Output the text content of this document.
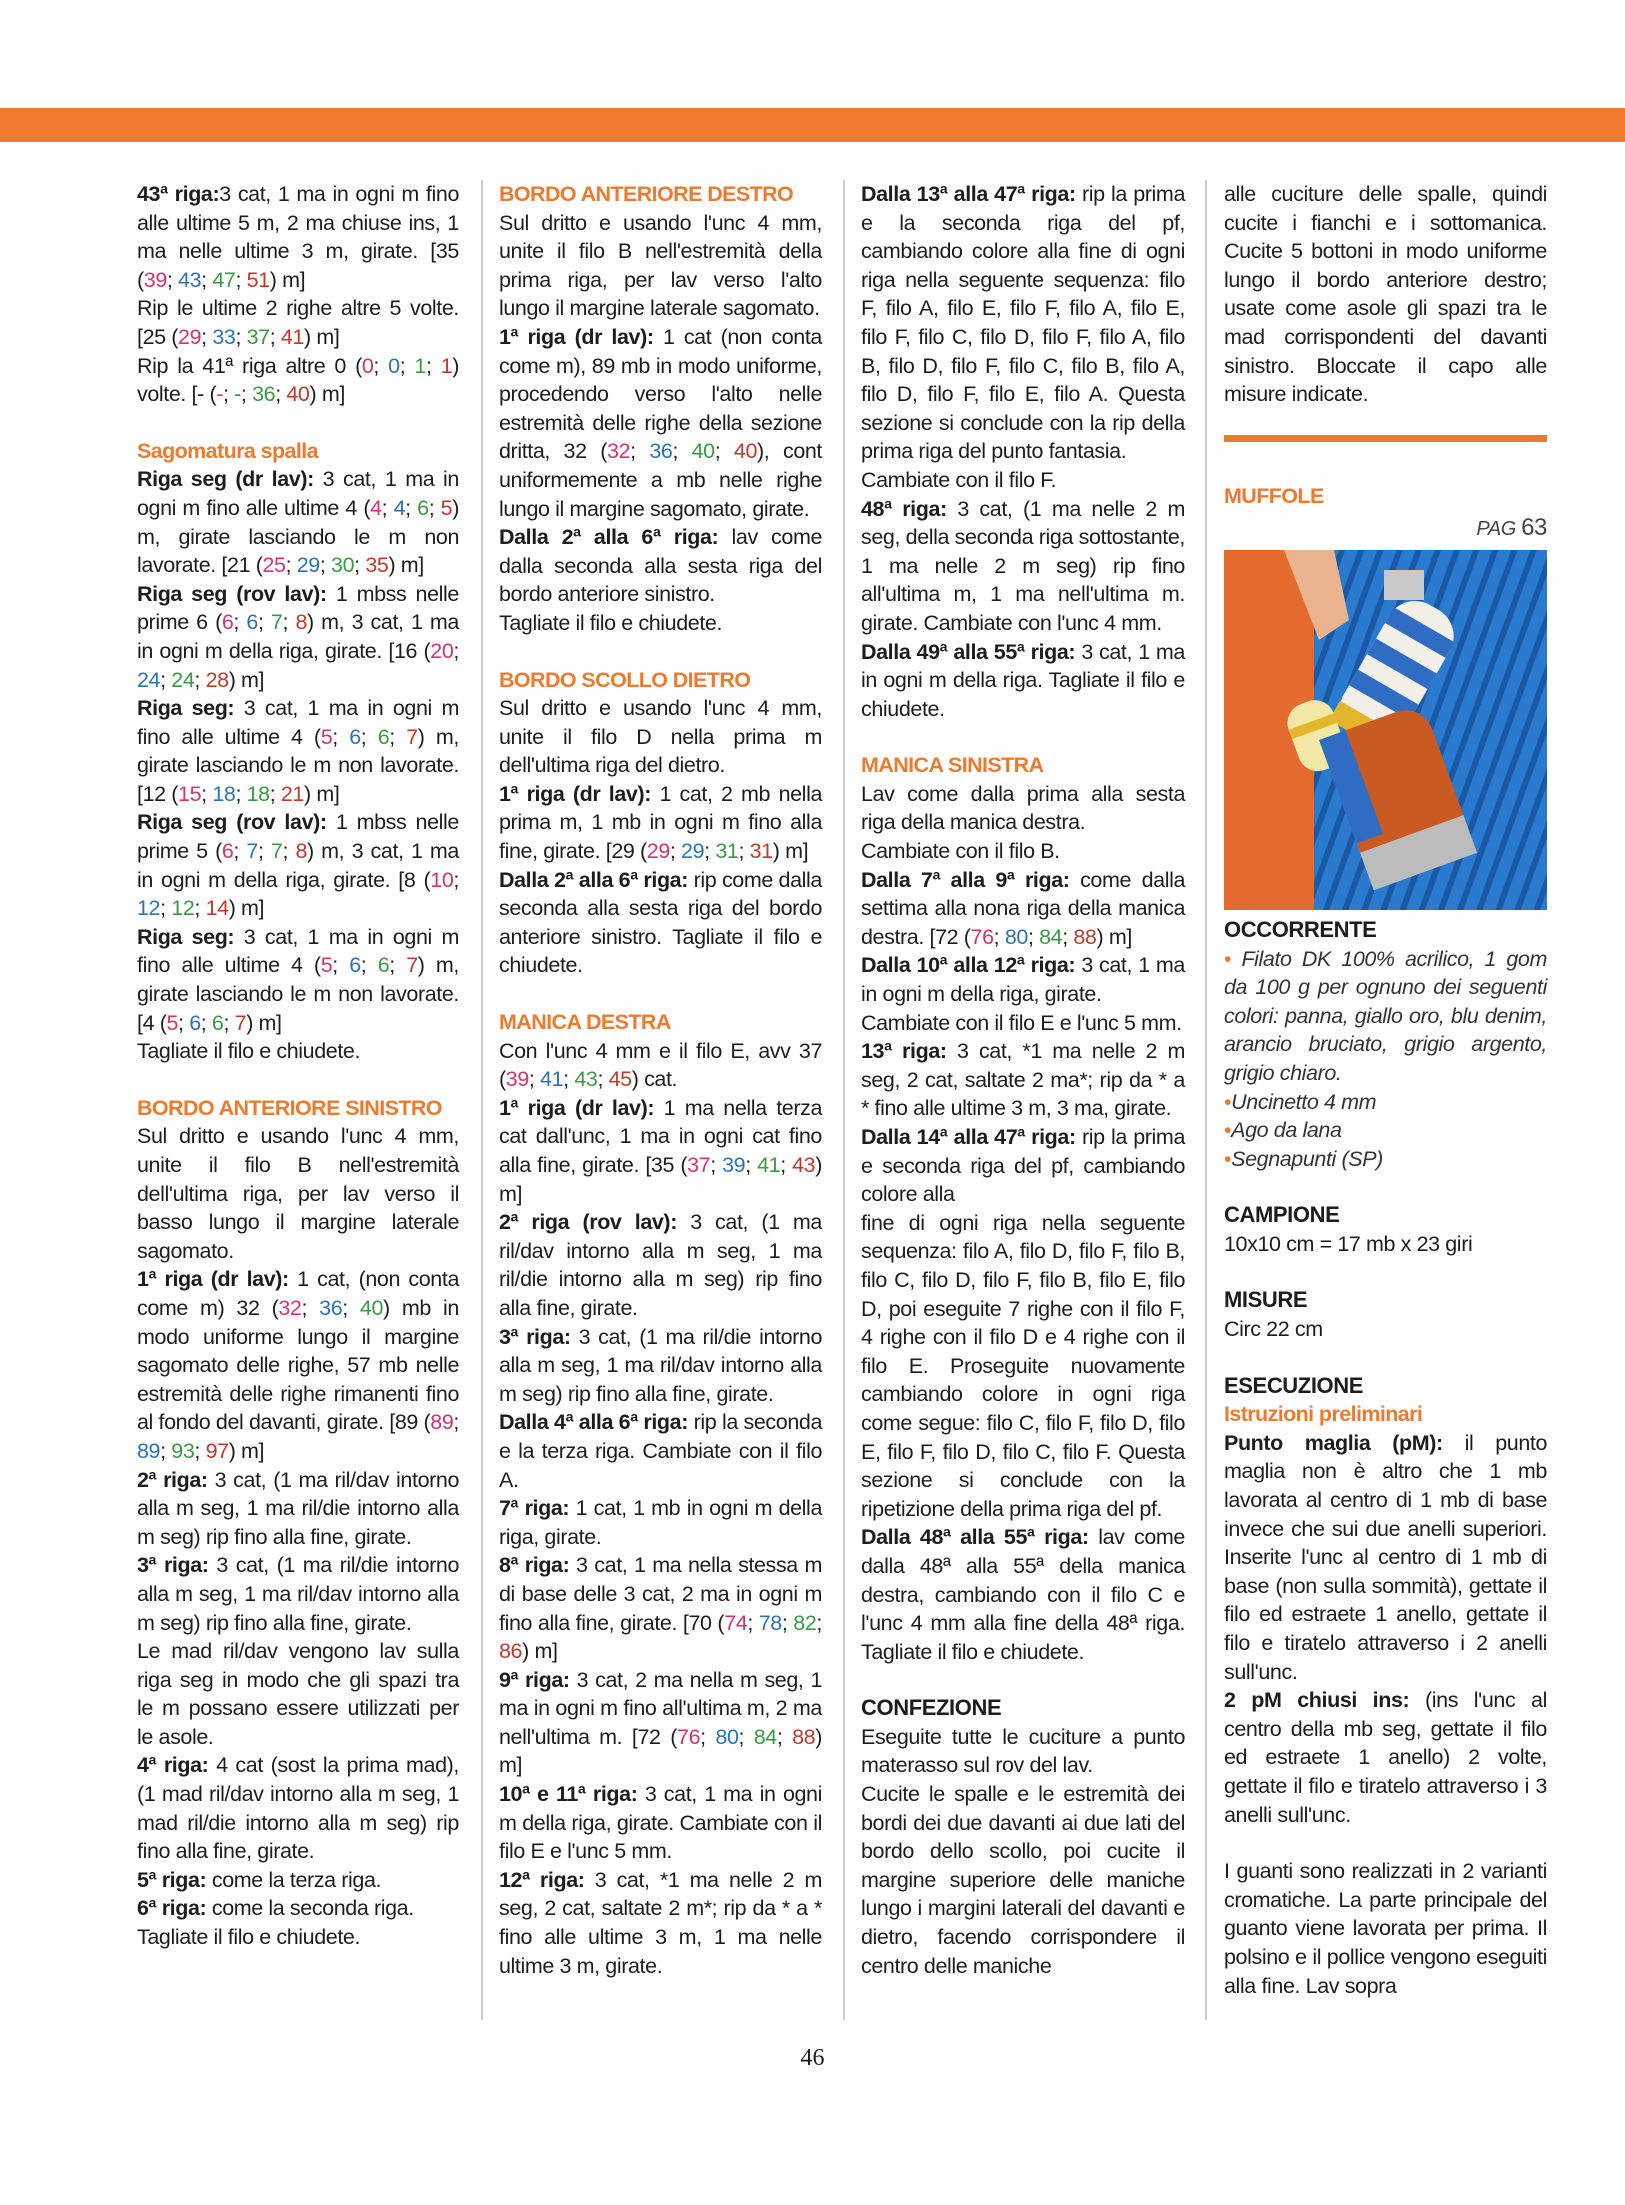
43ª riga:3 cat, 1 ma in ogni m fino alle ultime 5 m, 2 ma chiuse ins, 1 ma nelle ultime 3 m, girate. [35 (39; 43; 47; 51) m]

Rip le ultime 2 righe altre 5 volte. [25 (29; 33; 37; 41) m]

Rip la 41ª riga altre 0 (0; 0; 1; 1) volte. [- (-; -; 36; 40) m]

Sagomatura spalla

Riga seg (dr lav): 3 cat, 1 ma in ogni m fino alle ultime 4 (4; 4; 6; 5) m, girate lasciando le m non lavorate. [21 (25; 29; 30; 35) m]

Riga seg (rov lav): 1 mbss nelle prime 6 (6; 6; 7; 8) m, 3 cat, 1 ma in ogni m della riga, girate. [16 (20; 24; 24; 28) m]

Riga seg: 3 cat, 1 ma in ogni m fino alle ultime 4 (5; 6; 6; 7) m, girate lasciando le m non lavorate. [12 (15; 18; 18; 21) m]

Riga seg (rov lav): 1 mbss nelle prime 5 (6; 7; 7; 8) m, 3 cat, 1 ma in ogni m della riga, girate. [8 (10; 12; 12; 14) m]

Riga seg: 3 cat, 1 ma in ogni m fino alle ultime 4 (5; 6; 6; 7) m, girate lasciando le m non lavorate. [4 (5; 6; 6; 7) m]

Tagliate il filo e chiudete.

BORDO ANTERIORE SINISTRO

Sul dritto e usando l'unc 4 mm, unite il filo B nell'estremità dell'ultima riga, per lav verso il basso lungo il margine laterale sagomato.

1ª riga (dr lav): 1 cat, (non conta come m) 32 (32; 36; 40) mb in modo uniforme lungo il margine sagomato delle righe, 57 mb nelle estremità delle righe rimanenti fino al fondo del davanti, girate. [89 (89; 89; 93; 97) m]

2ª riga: 3 cat, (1 ma ril/dav intorno alla m seg, 1 ma ril/die intorno alla m seg) rip fino alla fine, girate.

3ª riga: 3 cat, (1 ma ril/die intorno alla m seg, 1 ma ril/dav intorno alla m seg) rip fino alla fine, girate.

Le mad ril/dav vengono lav sulla riga seg in modo che gli spazi tra le m possano essere utilizzati per le asole.

4ª riga: 4 cat (sost la prima mad), (1 mad ril/dav intorno alla m seg, 1 mad ril/die intorno alla m seg) rip fino alla fine, girate.

5ª riga: come la terza riga.

6ª riga: come la seconda riga.

Tagliate il filo e chiudete.

BORDO ANTERIORE DESTRO

Sul dritto e usando l'unc 4 mm, unite il filo B nell'estremità della prima riga, per lav verso l'alto lungo il margine laterale sagomato.

1ª riga (dr lav): 1 cat (non conta come m), 89 mb in modo uniforme, procedendo verso l'alto nelle estremità delle righe della sezione dritta, 32 (32; 36; 40; 40), cont uniformemente a mb nelle righe lungo il margine sagomato, girate.

Dalla 2ª alla 6ª riga: lav come dalla seconda alla sesta riga del bordo anteriore sinistro.

Tagliate il filo e chiudete.

BORDO SCOLLO DIETRO

Sul dritto e usando l'unc 4 mm, unite il filo D nella prima m dell'ultima riga del dietro.

1ª riga (dr lav): 1 cat, 2 mb nella prima m, 1 mb in ogni m fino alla fine, girate. [29 (29; 29; 31; 31) m]

Dalla 2ª alla 6ª riga: rip come dalla seconda alla sesta riga del bordo anteriore sinistro. Tagliate il filo e chiudete.

MANICA DESTRA

Con l'unc 4 mm e il filo E, avv 37 (39; 41; 43; 45) cat.

1ª riga (dr lav): 1 ma nella terza cat dall'unc, 1 ma in ogni cat fino alla fine, girate. [35 (37; 39; 41; 43) m]

2ª riga (rov lav): 3 cat, (1 ma ril/dav intorno alla m seg, 1 ma ril/die intorno alla m seg) rip fino alla fine, girate.

3ª riga: 3 cat, (1 ma ril/die intorno alla m seg, 1 ma ril/dav intorno alla m seg) rip fino alla fine, girate.

Dalla 4ª alla 6ª riga: rip la seconda e la terza riga. Cambiate con il filo A.

7ª riga: 1 cat, 1 mb in ogni m della riga, girate.

8ª riga: 3 cat, 1 ma nella stessa m di base delle 3 cat, 2 ma in ogni m fino alla fine, girate. [70 (74; 78; 82; 86) m]

9ª riga: 3 cat, 2 ma nella m seg, 1 ma in ogni m fino all'ultima m, 2 ma nell'ultima m. [72 (76; 80; 84; 88) m]

10ª e 11ª riga: 3 cat, 1 ma in ogni m della riga, girate. Cambiate con il filo E e l'unc 5 mm.

12ª riga: 3 cat, *1 ma nelle 2 m seg, 2 cat, saltate 2 m*; rip da * a * fino alle ultime 3 m, 1 ma nelle ultime 3 m, girate.

Dalla 13ª alla 47ª riga: rip la prima e la seconda riga del pf, cambiando colore alla fine di ogni riga nella seguente sequenza: filo F, filo A, filo E, filo F, filo A, filo E, filo F, filo C, filo D, filo F, filo A, filo B, filo D, filo F, filo C, filo B, filo A, filo D, filo F, filo E, filo A. Questa sezione si conclude con la rip della prima riga del punto fantasia.

Cambiate con il filo F.

48ª riga: 3 cat, (1 ma nelle 2 m seg, della seconda riga sottostante, 1 ma nelle 2 m seg) rip fino all'ultima m, 1 ma nell'ultima m. girate. Cambiate con l'unc 4 mm.

Dalla 49ª alla 55ª riga: 3 cat, 1 ma in ogni m della riga. Tagliate il filo e chiudete.

MANICA SINISTRA

Lav come dalla prima alla sesta riga della manica destra.

Cambiate con il filo B.

Dalla 7ª alla 9ª riga: come dalla settima alla nona riga della manica destra. [72 (76; 80; 84; 88) m]

Dalla 10ª alla 12ª riga: 3 cat, 1 ma in ogni m della riga, girate.

Cambiate con il filo E e l'unc 5 mm.

13ª riga: 3 cat, *1 ma nelle 2 m seg, 2 cat, saltate 2 ma*; rip da * a * fino alle ultime 3 m, 3 ma, girate.

Dalla 14ª alla 47ª riga: rip la prima e seconda riga del pf, cambiando colore alla

fine di ogni riga nella seguente sequenza: filo A, filo D, filo F, filo B, filo C, filo D, filo F, filo B, filo E, filo D, poi eseguite 7 righe con il filo F, 4 righe con il filo D e 4 righe con il filo E. Proseguite nuovamente cambiando colore in ogni riga come segue: filo C, filo F, filo D, filo E, filo F, filo D, filo C, filo F. Questa sezione si conclude con la ripetizione della prima riga del pf.

Dalla 48ª alla 55ª riga: lav come dalla 48ª alla 55ª della manica destra, cambiando con il filo C e l'unc 4 mm alla fine della 48ª riga. Tagliate il filo e chiudete.

CONFEZIONE

Eseguite tutte le cuciture a punto materasso sul rov del lav.

Cucite le spalle e le estremità dei bordi dei due davanti ai due lati del bordo dello scollo, poi cucite il margine superiore delle maniche lungo i margini laterali del davanti e dietro, facendo corrispondere il centro delle maniche

alle cuciture delle spalle, quindi cucite i fianchi e i sottomanica. Cucite 5 bottoni in modo uniforme lungo il bordo anteriore destro; usate come asole gli spazi tra le mad corrispondenti del davanti sinistro. Bloccate il capo alle misure indicate.

MUFFOLE
PAG 63
OCCORRENTE

• Filato DK 100% acrilico, 1 gom da 100 g per ognuno dei seguenti colori: panna, giallo oro, blu denim, arancio bruciato, grigio argento, grigio chiaro.

•Uncinetto 4 mm

•Ago da lana

•Segnapunti (SP)

CAMPIONE

10x10 cm = 17 mb x 23 giri

MISURE

Circ 22 cm

ESECUZIONE
Istruzioni preliminari

Punto maglia (pM): il punto maglia non è altro che 1 mb lavorata al centro di 1 mb di base invece che sui due anelli superiori. Inserite l'unc al centro di 1 mb di base (non sulla sommità), gettate il filo ed estraete 1 anello, gettate il filo e tiratelo attraverso i 2 anelli sull'unc.

2 pM chiusi ins: (ins l'unc al centro della mb seg, gettate il filo ed estraete 1 anello) 2 volte, gettate il filo e tiratelo attraverso i 3 anelli sull'unc.

I guanti sono realizzati in 2 varianti cromatiche. La parte principale del guanto viene lavorata per prima. Il polsino e il pollice vengono eseguiti alla fine. Lav sopra

46
